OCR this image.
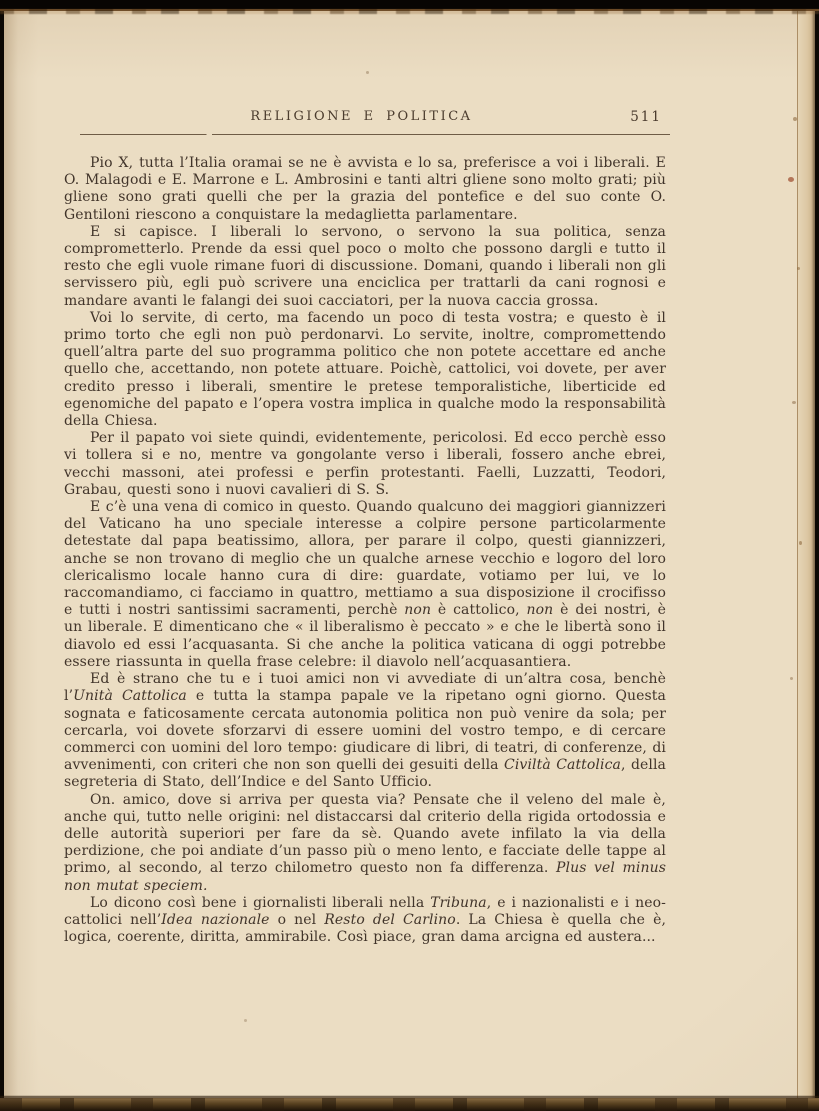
RELIGIONE E POLITICA	511

Pio X, tutta l’Italia oramai se ne è avvista e lo sa, preferisce a voi i liberali. E O. Malagodi e E. Marrone e L. Ambrosini e tanti altri gliene sono molto grati; più gliene sono grati quelli che per la grazia del pontefice e del suo conte O. Gentiloni riescono a conquistare la medaglietta parlamentare.

E si capisce. I liberali lo servono, o servono la sua politica, senza comprometterlo. Prende da essi quel poco o molto che possono dargli e tutto il resto che egli vuole rimane fuori di discussione. Domani, quando i liberali non gli servissero più, egli può scrivere una enciclica per trattarli da cani rognosi e mandare avanti le falangi dei suoi cacciatori, per la nuova caccia grossa.

Voi lo servite, di certo, ma facendo un poco di testa vostra; e questo è il primo torto che egli non può perdonarvi. Lo servite, inoltre, compromettendo quell’altra parte del suo programma politico che non potete accettare ed anche quello che, accettando, non potete attuare. Poichè, cattolici, voi dovete, per aver credito presso i liberali, smentire le pretese temporalistiche, liberticide ed egenomiche del papato e l’opera vostra implica in qualche modo la responsabilità della Chiesa.

Per il papato voi siete quindi, evidentemente, pericolosi. Ed ecco perchè esso vi tollera si e no, mentre va gongolante verso i liberali, fossero anche ebrei, vecchi massoni, atei professi e perfin protestanti. Faelli, Luzzatti, Teodori, Grabau, questi sono i nuovi cavalieri di S. S.

E c’è una vena di comico in questo. Quando qualcuno dei maggiori giannizzeri del Vaticano ha uno speciale interesse a colpire persone particolarmente detestate dal papa beatissimo, allora, per parare il colpo, questi giannizzeri, anche se non trovano di meglio che un qualche arnese vecchio e logoro del loro clericalismo locale hanno cura di dire: guardate, votiamo per lui, ve lo raccomandiamo, ci facciamo in quattro, mettiamo a sua disposizione il crocifisso e tutti i nostri santissimi sacramenti, perchè non è cattolico, non è dei nostri, è un liberale. E dimenticano che « il liberalismo è peccato » e che le libertà sono il diavolo ed essi l’acquasanta. Si che anche la politica vaticana di oggi potrebbe essere riassunta in quella frase celebre: il diavolo nell’acquasantiera.

Ed è strano che tu e i tuoi amici non vi avvediate di un’altra cosa, benchè l’Unità Cattolica e tutta la stampa papale ve la ripetano ogni giorno. Questa sognata e faticosamente cercata autonomia politica non può venire da sola; per cercarla, voi dovete sforzarvi di essere uomini del vostro tempo, e di cercare commerci con uomini del loro tempo: giudicare di libri, di teatri, di conferenze, di avvenimenti, con criteri che non son quelli dei gesuiti della Civiltà Cattolica, della segreteria di Stato, dell’Indice e del Santo Ufficio.

On. amico, dove si arriva per questa via? Pensate che il veleno del male è, anche qui, tutto nelle origini: nel distaccarsi dal criterio della rigida ortodossia e delle autorità superiori per fare da sè. Quando avete infilato la via della perdizione, che poi andiate d’un passo più o meno lento, e facciate delle tappe al primo, al secondo, al terzo chilometro questo non fa differenza. Plus vel minus non mutat speciem.

Lo dicono così bene i giornalisti liberali nella Tribuna, e i nazionalisti e i neo-cattolici nell’Idea nazionale o nel Resto del Carlino. La Chiesa è quella che è, logica, coerente, diritta, ammirabile. Così piace, gran dama arcigna ed austera...
